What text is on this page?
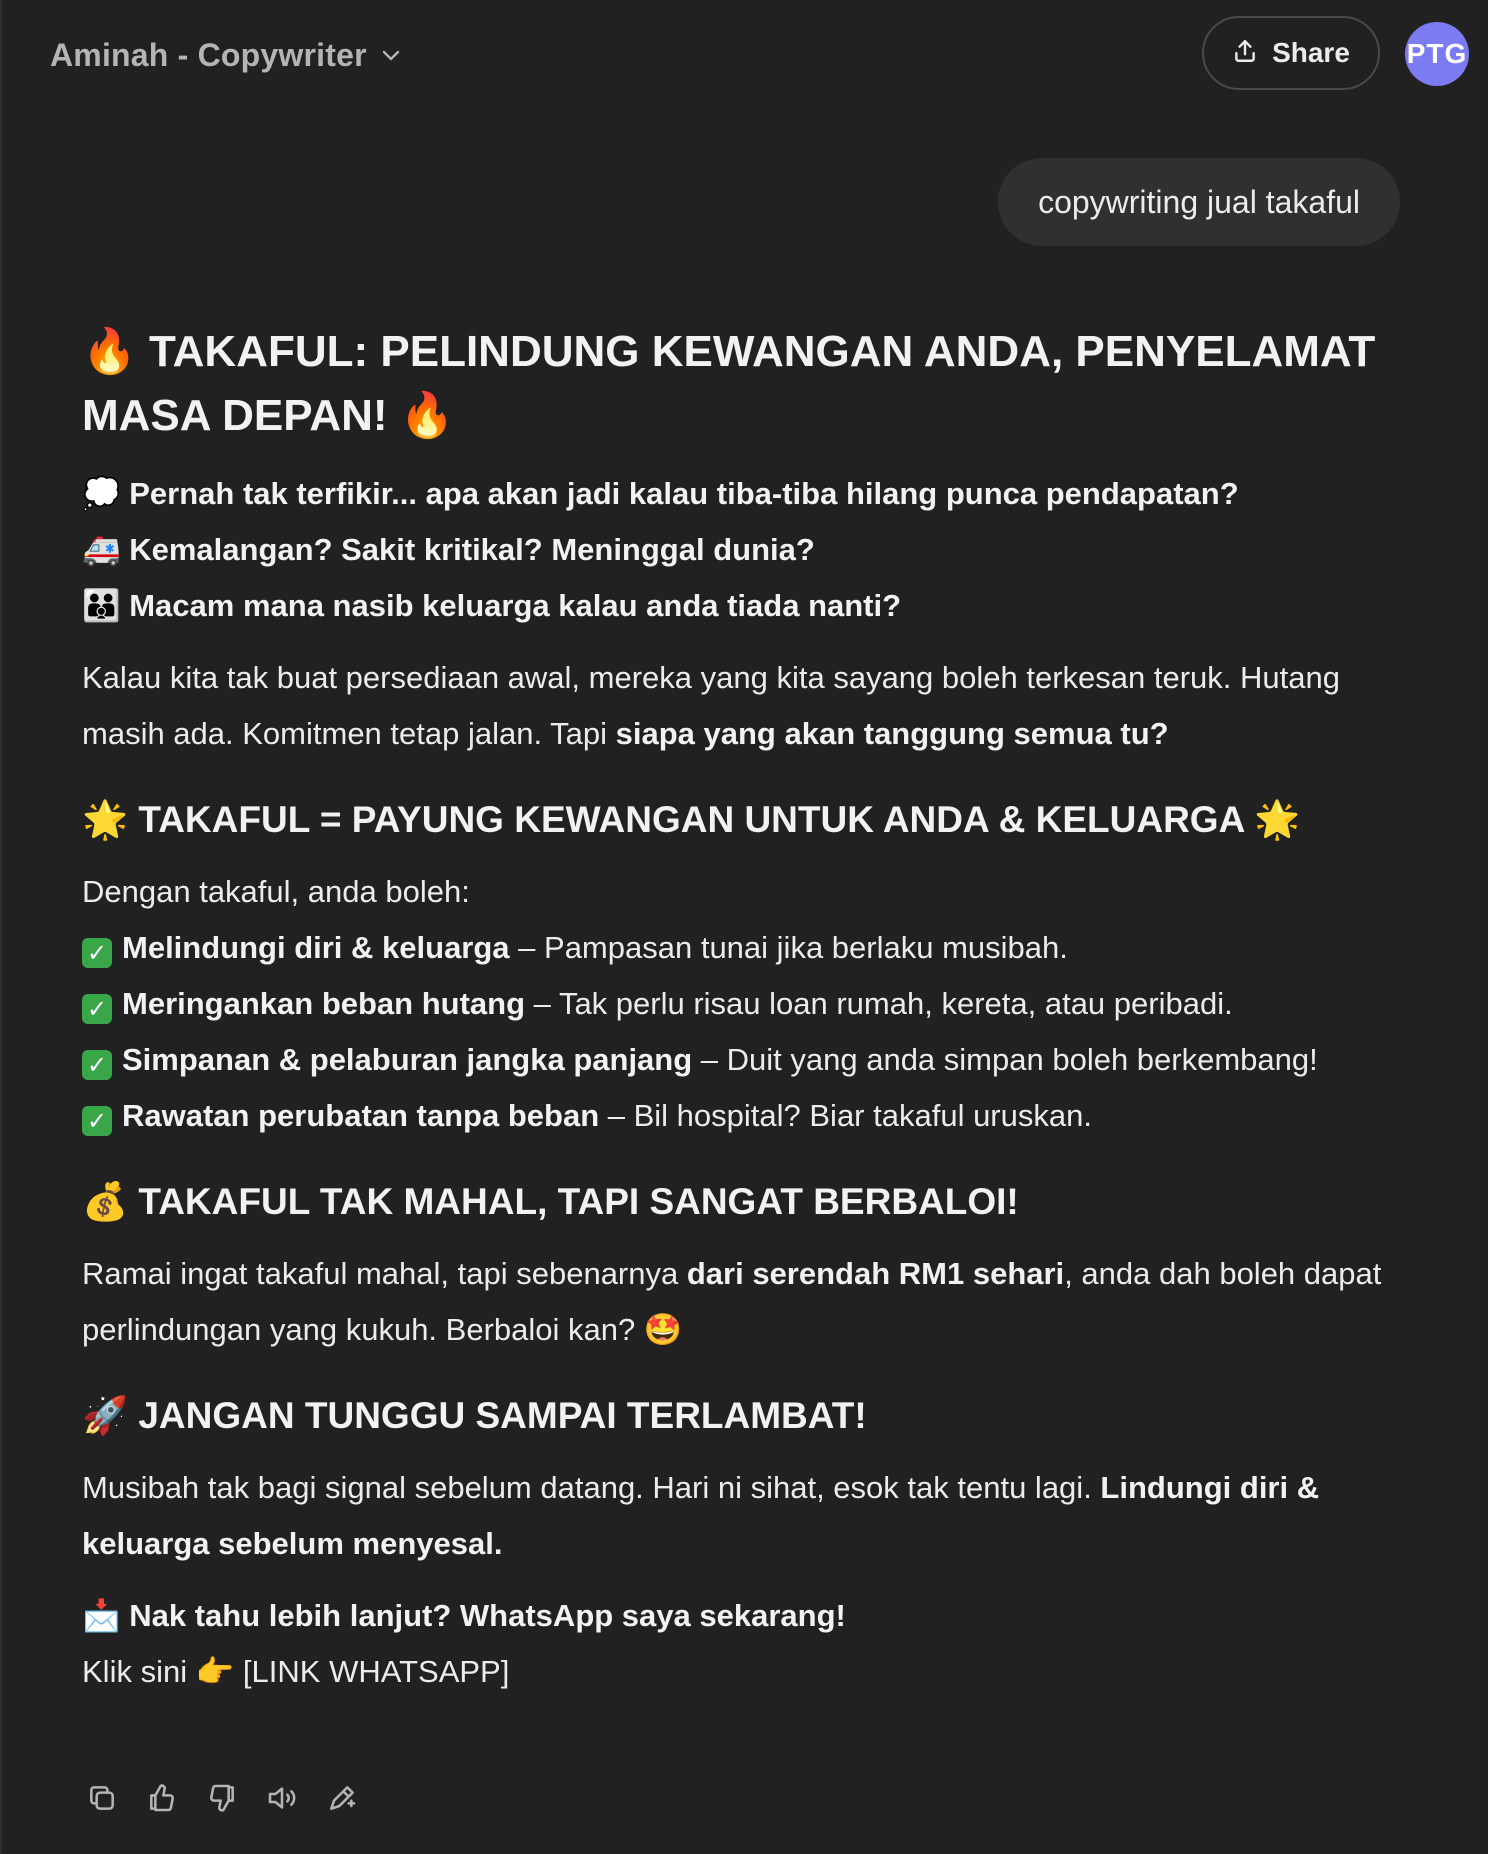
Aminah - Copywriter	Share PTG
copywriting jual takaful
🔥 TAKAFUL: PELINDUNG KEWANGAN ANDA, PENYELAMAT MASA DEPAN! 🔥

💭 Pernah tak terfikir... apa akan jadi kalau tiba-tiba hilang punca pendapatan?

🚑 Kemalangan? Sakit kritikal? Meninggal dunia?

👪 Macam mana nasib keluarga kalau anda tiada nanti?

Kalau kita tak buat persediaan awal, mereka yang kita sayang boleh terkesan teruk. Hutang masih ada. Komitmen tetap jalan. Tapi siapa yang akan tanggung semua tu?

🌟 TAKAFUL = PAYUNG KEWANGAN UNTUK ANDA & KELUARGA 🌟

Dengan takaful, anda boleh:

✓ Melindungi diri & keluarga – Pampasan tunai jika berlaku musibah.

✓ Meringankan beban hutang – Tak perlu risau loan rumah, kereta, atau peribadi.

✓ Simpanan & pelaburan jangka panjang – Duit yang anda simpan boleh berkembang!

✓ Rawatan perubatan tanpa beban – Bil hospital? Biar takaful uruskan.

💰 TAKAFUL TAK MAHAL, TAPI SANGAT BERBALOI!

Ramai ingat takaful mahal, tapi sebenarnya dari serendah RM1 sehari, anda dah boleh dapat perlindungan yang kukuh. Berbaloi kan? 🤩

🚀 JANGAN TUNGGU SAMPAI TERLAMBAT!

Musibah tak bagi signal sebelum datang. Hari ni sihat, esok tak tentu lagi. Lindungi diri & keluarga sebelum menyesal.

📩 Nak tahu lebih lanjut? WhatsApp saya sekarang!

Klik sini 👉 [LINK WHATSAPP]
